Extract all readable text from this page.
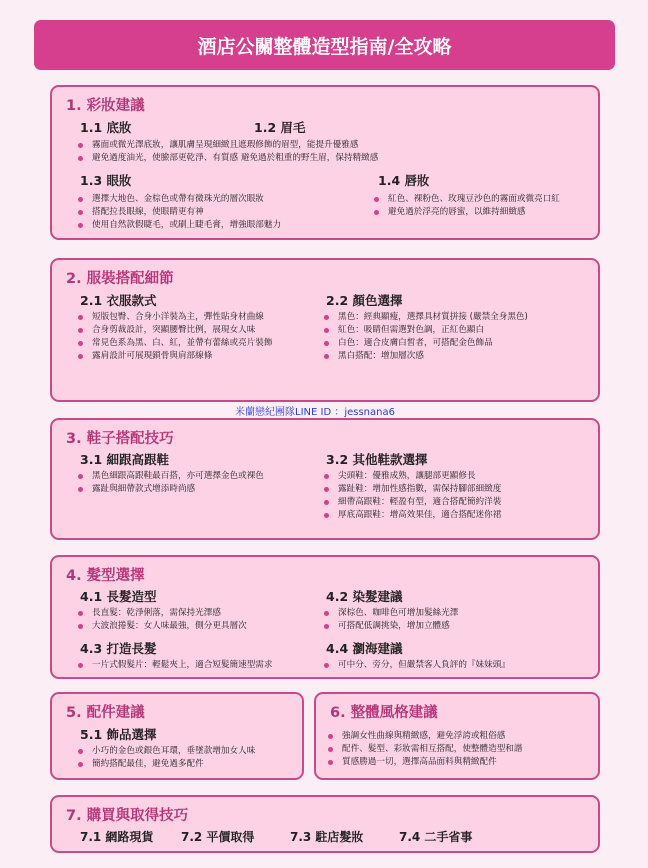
酒店公關整體造型指南/全攻略
1. 彩妝建議
1.1 底妝	1.2 眉毛
霧面或微光澤底妝，讓肌膚呈現細緻且遮瑕修飾的眉型，能提升優雅感
避免過度油光，使臉部更乾淨、有質感 避免過於粗重的野生眉，保持精緻感
1.3 眼妝	1.4 唇妝
選擇大地色、金棕色或帶有微珠光的層次眼妝
搭配拉長眼線，使眼睛更有神
使用自然款假睫毛，或刷上睫毛膏，增強眼部魅力
紅色、裸粉色、玫瑰豆沙色的霧面或微亮口紅
避免過於浮亮的唇蜜，以維持細緻感
2. 服裝搭配細節
2.1 衣服款式	2.2 顏色選擇
短版包臀、合身小洋裝為主，彈性貼身材曲線
合身剪裁設計，突顯腰臀比例，展現女人味
常見色系為黑、白、紅，並帶有蕾絲或亮片裝飾
露肩設計可展現鎖骨與肩部線條
黑色：經典顯瘦，選擇具材質拼接 (嚴禁全身黑色)
紅色：吸睛但需選對色調，正紅色顯白
白色：適合皮膚白皙者，可搭配金色飾品
黑白搭配：增加層次感
米蘭戀紀團隊LINE ID ：jessnana6
3. 鞋子搭配技巧
3.1 細跟高跟鞋	3.2 其他鞋款選擇
黑色細跟高跟鞋最百搭，亦可選擇金色或裸色
露趾與細帶款式增添時尚感
尖頭鞋：優雅成熟，讓腿部更顯修長
露趾鞋：增加性感指數，需保持腳部細緻度
細帶高跟鞋：輕盈有型，適合搭配簡約洋裝
厚底高跟鞋：增高效果佳，適合搭配迷你裙
4. 髮型選擇
4.1 長髮造型	4.2 染髮建議
長直髮：乾淨俐落，需保持光澤感
大波浪捲髮：女人味最強，側分更具層次
深棕色、咖啡色可增加髮絲光澤
可搭配低調挑染，增加立體感
4.3 打造長髮	4.4 瀏海建議
一片式假髮片：輕鬆夾上，適合短髮簡速型需求	可中分、旁分，但嚴禁客人負評的『妹妹頭』
5. 配件建議
5.1 飾品選擇
小巧的金色或銀色耳環，垂墜款增加女人味
簡約搭配最佳，避免過多配件
6. 整體風格建議
強調女性曲線與精緻感，避免浮誇或粗俗感
配件、髮型、彩妝需相互搭配，使整體造型和諧
質感勝過一切，選擇高品面料與精緻配件
7. 購買與取得技巧
7.1 網路現貨 7.2 平價取得	7.3 駐店髮妝	7.4 二手省事
